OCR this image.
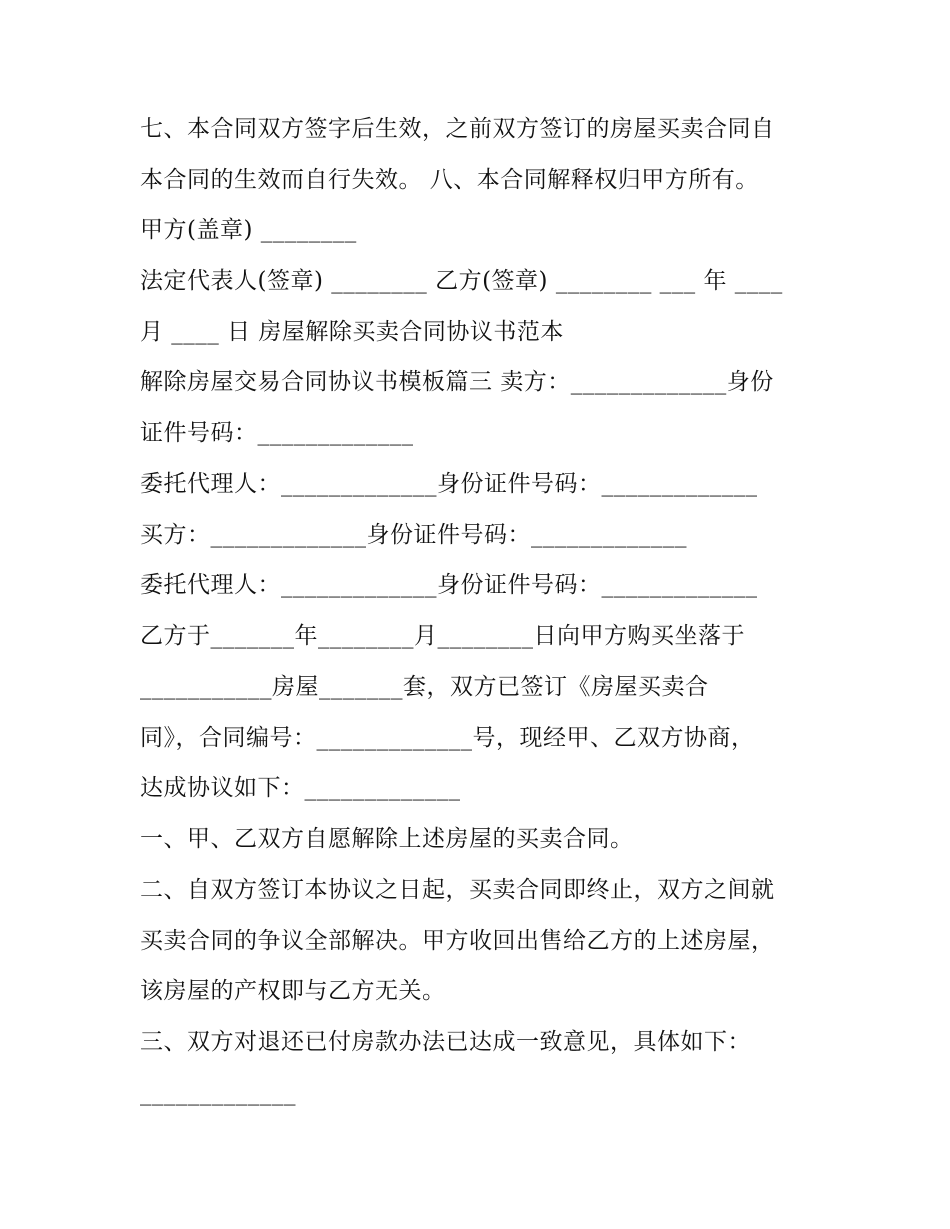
七、本合同双方签字后生效，之前双方签订的房屋买卖合同自
本合同的生效而自行失效。 八、本合同解释权归甲方所有。
甲方(盖章) ________
法定代表人(签章) ________ 乙方(签章) ________ ___ 年 ____
月 ____ 日 房屋解除买卖合同协议书范本
解除房屋交易合同协议书模板篇三 卖方：_____________身份
证件号码：_____________
委托代理人：_____________身份证件号码：_____________
买方：_____________身份证件号码：_____________
委托代理人：_____________身份证件号码：_____________
乙方于_______年________月________日向甲方购买坐落于
___________房屋_______套，双方已签订《房屋买卖合
同》，合同编号：_____________号，现经甲、乙双方协商，
达成协议如下：_____________
一、甲、乙双方自愿解除上述房屋的买卖合同。
二、自双方签订本协议之日起，买卖合同即终止，双方之间就
买卖合同的争议全部解决。甲方收回出售给乙方的上述房屋，
该房屋的产权即与乙方无关。
三、双方对退还已付房款办法已达成一致意见，具体如下：
_____________
